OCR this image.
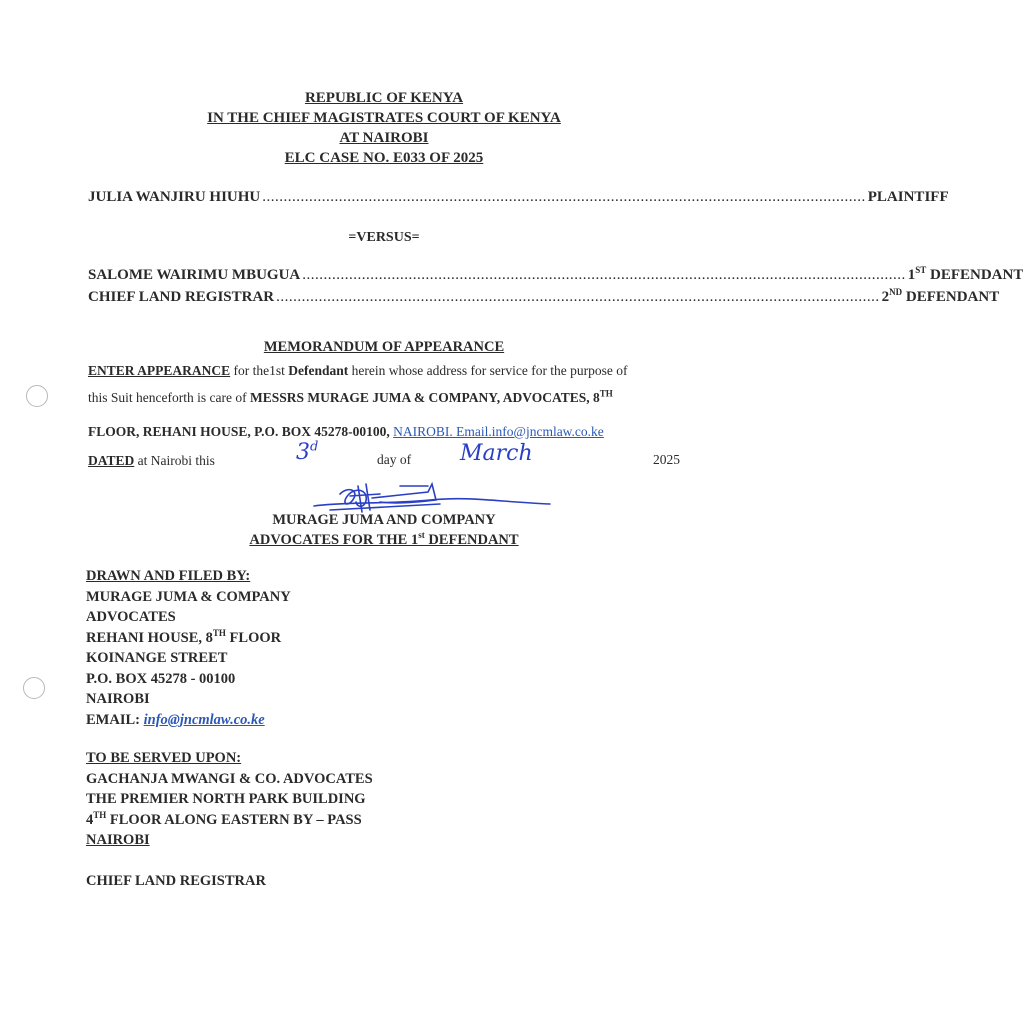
REPUBLIC OF KENYA
IN THE CHIEF MAGISTRATES COURT OF KENYA
AT NAIROBI
ELC CASE NO. E033 OF 2025
JULIA WANJIRU HIUHU .............................................................................................................................................. PLAINTIFF
=VERSUS=
SALOME WAIRIMU MBUGUA .............................................................................................................................................. 1ST DEFENDANT
CHIEF LAND REGISTRAR .............................................................................................................................................. 2ND DEFENDANT
MEMORANDUM OF APPEARANCE
ENTER APPEARANCE for the1st Defendant herein whose address for service for the purpose of
this Suit henceforth is care of MESSRS MURAGE JUMA & COMPANY, ADVOCATES, 8TH
FLOOR, REHANI HOUSE, P.O. BOX 45278-00100, NAIROBI. Email.info@jncmlaw.co.ke
DATED at Nairobi this	3$^d$
day of March	2025
MURAGE JUMA AND COMPANY
ADVOCATES FOR THE 1st DEFENDANT
DRAWN AND FILED BY:
MURAGE JUMA & COMPANY
ADVOCATES
REHANI HOUSE, 8TH FLOOR
KOINANGE STREET
P.O. BOX 45278 - 00100
NAIROBI
EMAIL: info@jncmlaw.co.ke
TO BE SERVED UPON:
GACHANJA MWANGI & CO. ADVOCATES
THE PREMIER NORTH PARK BUILDING
4TH FLOOR ALONG EASTERN BY – PASS
NAIROBI
CHIEF LAND REGISTRAR
